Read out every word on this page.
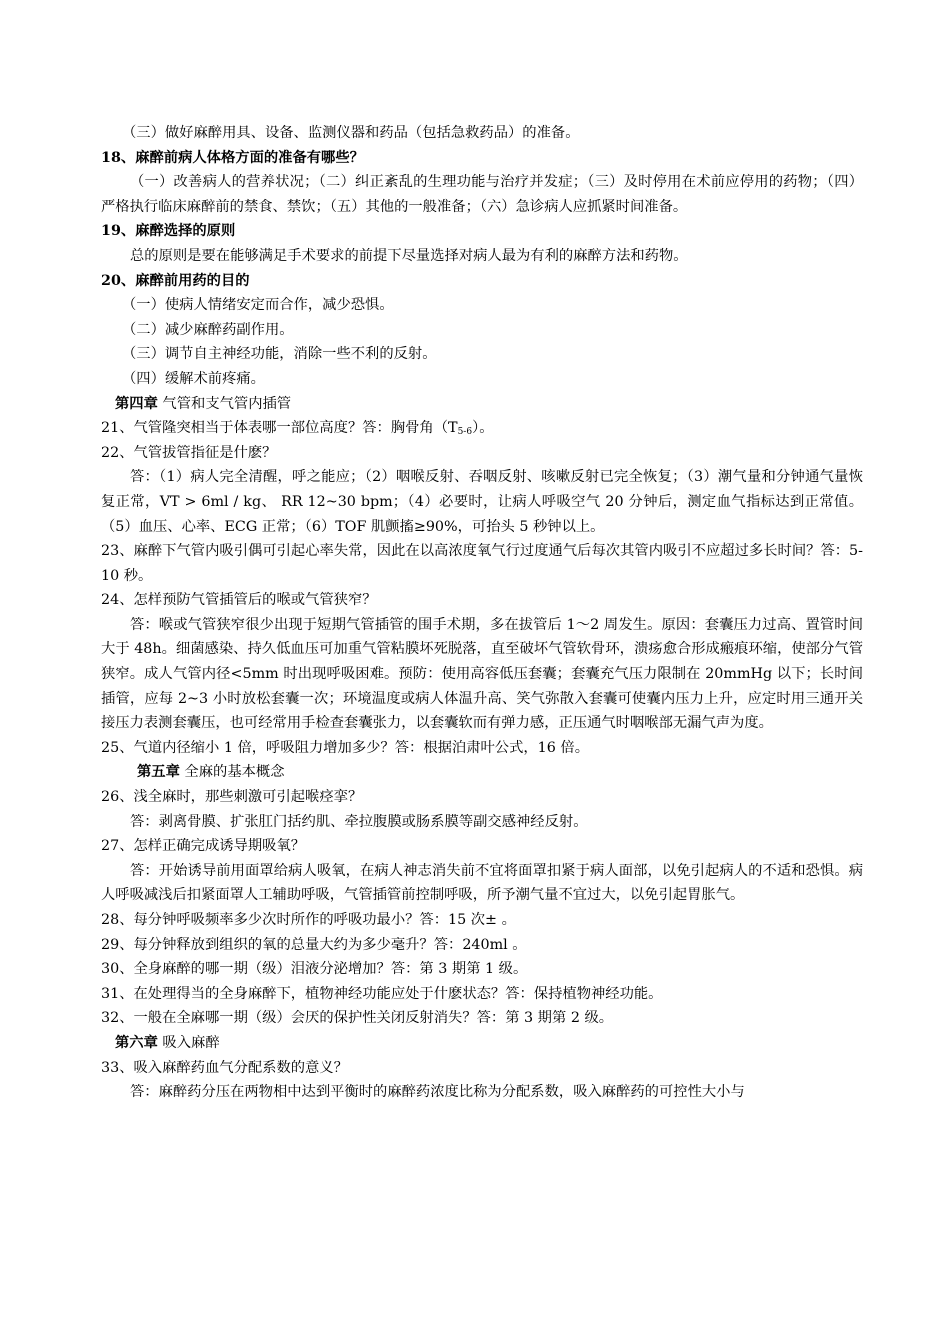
（三）做好麻醉用具、设备、监测仪器和药品（包括急救药品）的准备。
18、麻醉前病人体格方面的准备有哪些？
（一）改善病人的营养状况；（二）纠正紊乱的生理功能与治疗并发症；（三）及时停用在术前应停用的药物；（四）严格执行临床麻醉前的禁食、禁饮；（五）其他的一般准备；（六）急诊病人应抓紧时间准备。
19、麻醉选择的原则
总的原则是要在能够满足手术要求的前提下尽量选择对病人最为有利的麻醉方法和药物。
20、麻醉前用药的目的
（一）使病人情绪安定而合作，减少恐惧。
（二）减少麻醉药副作用。
（三）调节自主神经功能，消除一些不利的反射。
（四）缓解术前疼痛。
第四章 气管和支气管内插管
21、气管隆突相当于体表哪一部位高度？答：胸骨角$(T_{5-6})$。
22、气管拔管指征是什麽？
答：（1）病人完全清醒，呼之能应；（2）咽喉反射、吞咽反射、咳嗽反射已完全恢复；（3）潮气量和分钟通气量恢复正常，VT > 6ml / kg、 RR 12~30 bpm；（4）必要时，让病人呼吸空气 20 分钟后，测定血气指标达到正常值。（5）血压、心率、ECG 正常；（6）TOF 肌颤搐≥90%，可抬头 5 秒钟以上。
23、麻醉下气管内吸引偶可引起心率失常，因此在以高浓度氧气行过度通气后每次其管内吸引不应超过多长时间？答：5-10 秒。
24、怎样预防气管插管后的喉或气管狭窄？
答：喉或气管狭窄很少出现于短期气管插管的围手术期，多在拔管后 1～2 周发生。原因：套囊压力过高、置管时间大于 48h。细菌感染、持久低血压可加重气管粘膜坏死脱落，直至破坏气管软骨环，溃疡愈合形成瘢痕环缩，使部分气管狭窄。成人气管内径<5mm 时出现呼吸困难。预防：使用高容低压套囊；套囊充气压力限制在 20mmHg 以下；长时间插管，应每 2~3 小时放松套囊一次；环境温度或病人体温升高、笑气弥散入套囊可使囊内压力上升，应定时用三通开关接压力表测套囊压，也可经常用手检查套囊张力，以套囊软而有弹力感，正压通气时咽喉部无漏气声为度。
25、气道内径缩小 1 倍，呼吸阻力增加多少？答：根据泊肃叶公式，16 倍。
第五章 全麻的基本概念
26、浅全麻时，那些刺激可引起喉痉挛？
答：剥离骨膜、扩张肛门括约肌、牵拉腹膜或肠系膜等副交感神经反射。
27、怎样正确完成诱导期吸氧？
答：开始诱导前用面罩给病人吸氧，在病人神志消失前不宜将面罩扣紧于病人面部，以免引起病人的不适和恐惧。病人呼吸减浅后扣紧面罩人工辅助呼吸，气管插管前控制呼吸，所予潮气量不宜过大，以免引起胃胀气。
28、每分钟呼吸频率多少次时所作的呼吸功最小？答：15 次± 。
29、每分钟释放到组织的氧的总量大约为多少毫升？答：240ml 。
30、全身麻醉的哪一期（级）泪液分泌增加？答：第 3 期第 1 级。
31、在处理得当的全身麻醉下，植物神经功能应处于什麽状态？答：保持植物神经功能。
32、一般在全麻哪一期（级）会厌的保护性关闭反射消失？答：第 3 期第 2 级。
第六章 吸入麻醉
33、吸入麻醉药血气分配系数的意义？
答：麻醉药分压在两物相中达到平衡时的麻醉药浓度比称为分配系数，吸入麻醉药的可控性大小与
